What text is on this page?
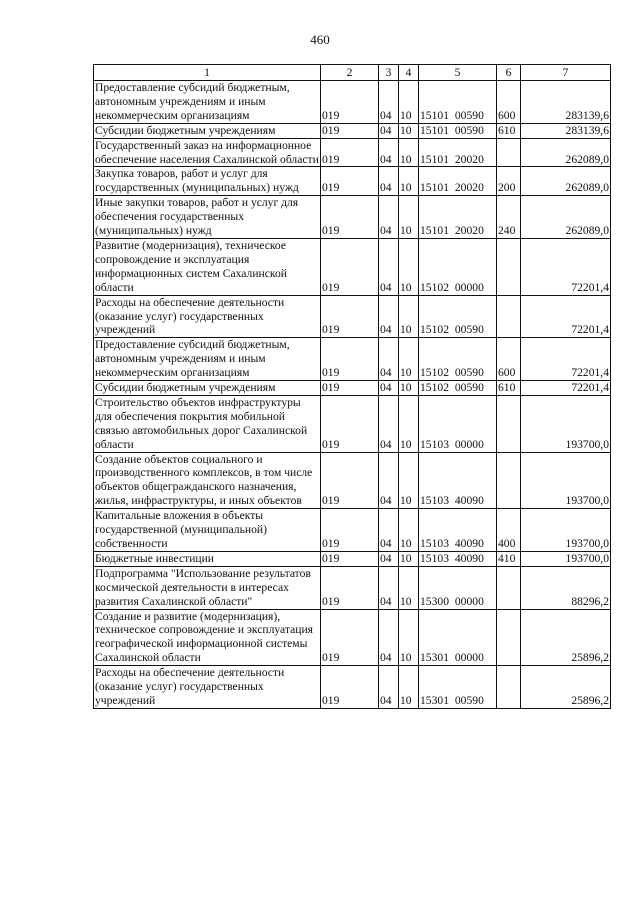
460
1	2	3	4	5	6	7
Предоставление субсидий бюджетным, автономным учреждениям и иным некоммерческим организациям	019	04	10	15101 00590	600	283139,6
Субсидии бюджетным учреждениям	019	04	10	15101 00590	610	283139,6
Государственный заказ на информационное обеспечение населения Сахалинской области	019	04	10	15101 20020		262089,0
Закупка товаров, работ и услуг для государственных (муниципальных) нужд	019	04	10	15101 20020	200	262089,0
Иные закупки товаров, работ и услуг для обеспечения государственных (муниципальных) нужд	019	04	10	15101 20020	240	262089,0
Развитие (модернизация), техническое сопровождение и эксплуатация информационных систем Сахалинской области	019	04	10	15102 00000		72201,4
Расходы на обеспечение деятельности (оказание услуг) государственных учреждений	019	04	10	15102 00590		72201,4
Предоставление субсидий бюджетным, автономным учреждениям и иным некоммерческим организациям	019	04	10	15102 00590	600	72201,4
Субсидии бюджетным учреждениям	019	04	10	15102 00590	610	72201,4
Строительство объектов инфраструктуры для обеспечения покрытия мобильной связью автомобильных дорог Сахалинской области	019	04	10	15103 00000		193700,0
Создание объектов социального и производственного комплексов, в том числе объектов общегражданского назначения, жилья, инфраструктуры, и иных объектов	019	04	10	15103 40090		193700,0
Капитальные вложения в объекты государственной (муниципальной) собственности	019	04	10	15103 40090	400	193700,0
Бюджетные инвестиции	019	04	10	15103 40090	410	193700,0
Подпрограмма "Использование результатов космической деятельности в интересах развития Сахалинской области"	019	04	10	15300 00000		88296,2
Создание и развитие (модернизация), техническое сопровождение и эксплуатация географической информационной системы Сахалинской области	019	04	10	15301 00000		25896,2
Расходы на обеспечение деятельности (оказание услуг) государственных учреждений	019	04	10	15301 00590		25896,2
